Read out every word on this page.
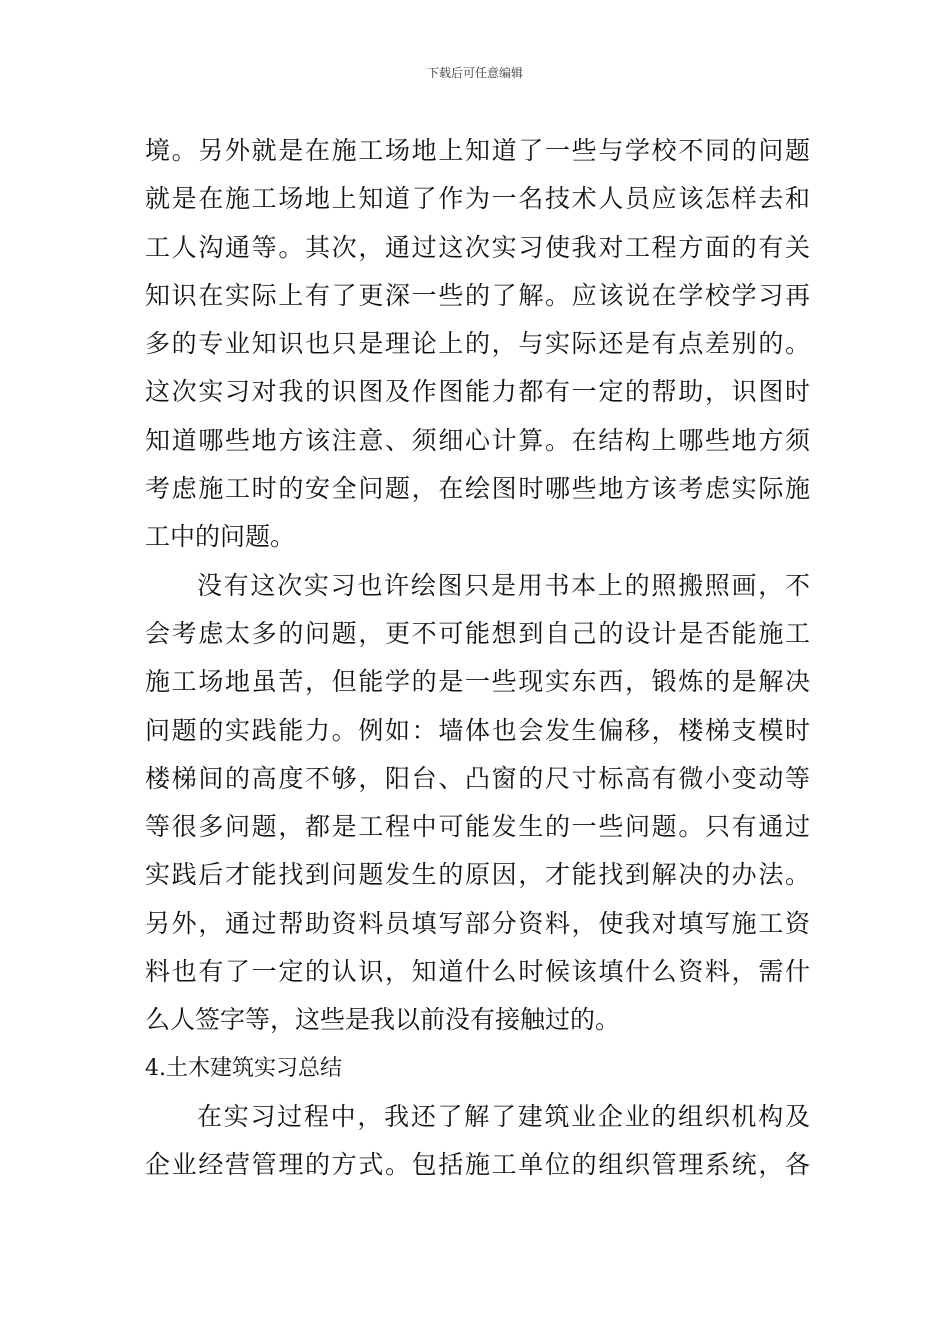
下载后可任意编辑
境。另外就是在施工场地上知道了一些与学校不同的问题
就是在施工场地上知道了作为一名技术人员应该怎样去和
工人沟通等。其次，通过这次实习使我对工程方面的有关
知识在实际上有了更深一些的了解。应该说在学校学习再
多的专业知识也只是理论上的，与实际还是有点差别的。
这次实习对我的识图及作图能力都有一定的帮助，识图时
知道哪些地方该注意、须细心计算。在结构上哪些地方须
考虑施工时的安全问题，在绘图时哪些地方该考虑实际施
工中的问题。
没有这次实习也许绘图只是用书本上的照搬照画，不
会考虑太多的问题，更不可能想到自己的设计是否能施工
施工场地虽苦，但能学的是一些现实东西，锻炼的是解决
问题的实践能力。例如：墙体也会发生偏移，楼梯支模时
楼梯间的高度不够，阳台、凸窗的尺寸标高有微小变动等
等很多问题，都是工程中可能发生的一些问题。只有通过
实践后才能找到问题发生的原因，才能找到解决的办法。
另外，通过帮助资料员填写部分资料，使我对填写施工资
料也有了一定的认识，知道什么时候该填什么资料，需什
么人签字等，这些是我以前没有接触过的。
4.土木建筑实习总结
在实习过程中，我还了解了建筑业企业的组织机构及
企业经营管理的方式。包括施工单位的组织管理系统，各
